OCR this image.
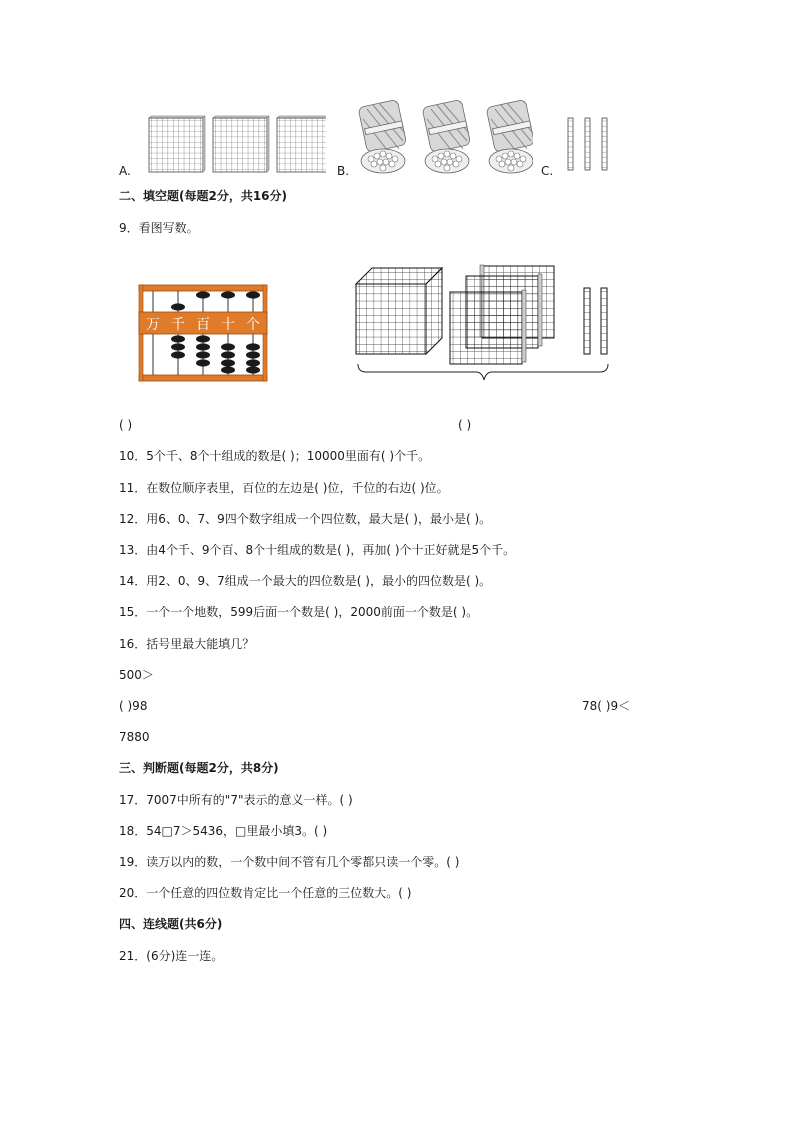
A.	B.	C.
二、填空题(每题2分，共16分)
9．看图写数。
万 千 百 十 个
( )	( )
10．5个千、8个十组成的数是( )；10000里面有( )个千。
11．在数位顺序表里，百位的左边是( )位，千位的右边( )位。
12．用6、0、7、9四个数字组成一个四位数，最大是( )，最小是( )。
13．由4个千、9个百、8个十组成的数是( )，再加( )个十正好就是5个千。
14．用2、0、9、7组成一个最大的四位数是( )，最小的四位数是( )。
15．一个一个地数，599后面一个数是( )，2000前面一个数是( )。
16．括号里最大能填几？
500＞
( )98	78( )9＜
7880
三、判断题(每题2分，共8分)
17．7007中所有的"7"表示的意义一样。( )
18．54□7＞5436，□里最小填3。( )
19．读万以内的数，一个数中间不管有几个零都只读一个零。( )
20．一个任意的四位数肯定比一个任意的三位数大。( )
四、连线题(共6分)
21．(6分)连一连。
